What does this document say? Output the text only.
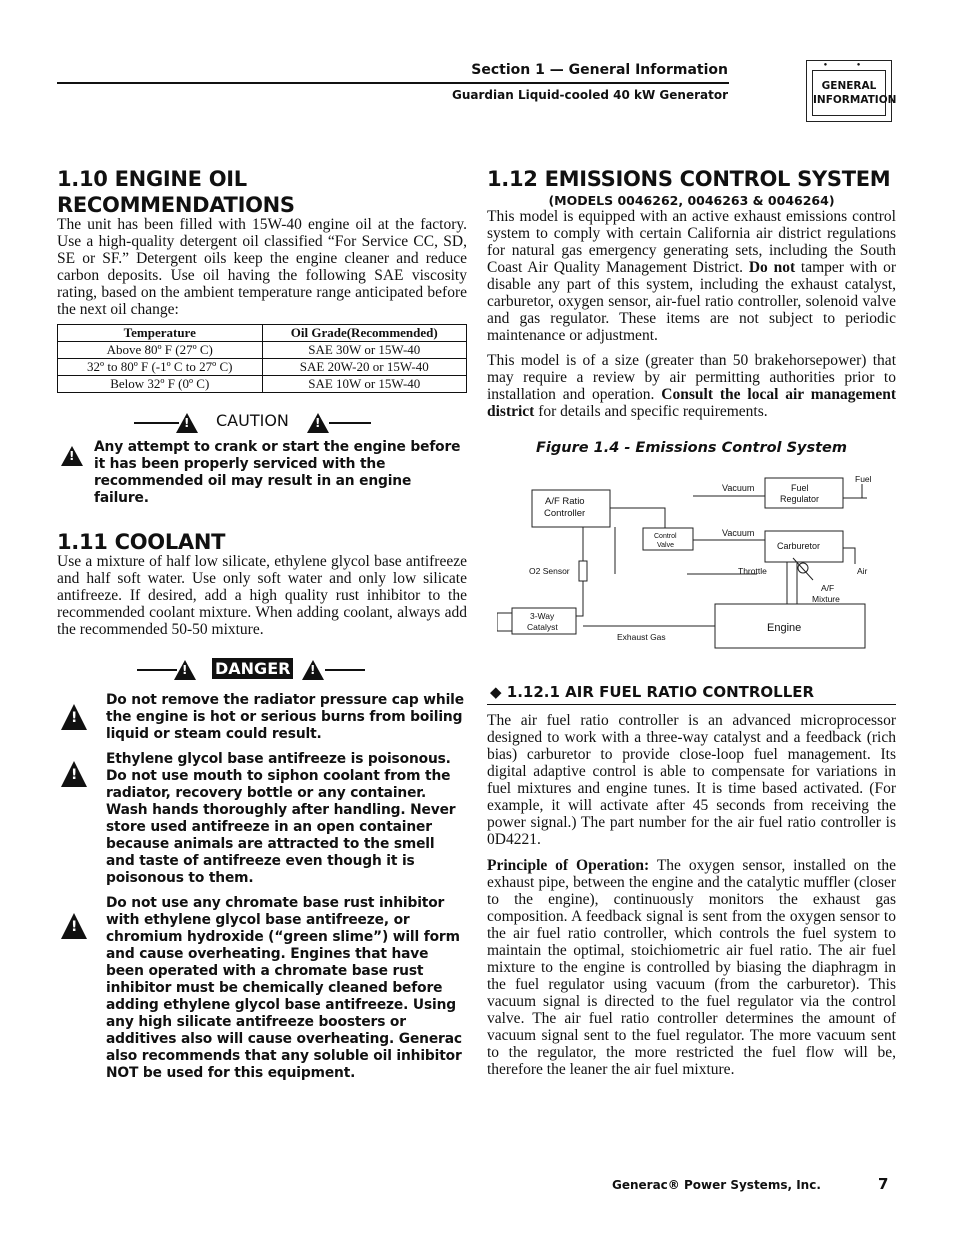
Section 1 — General Information
Guardian Liquid-cooled 40 kW Generator
● ●
GENERAL
INFORMATION
1.10 ENGINE OIL RECOMMENDATIONS

The unit has been filled with 15W-40 engine oil at the factory. Use a high-quality detergent oil classified “For Service CC, SD, SE or SF.” Detergent oils keep the engine cleaner and reduce carbon deposits. Use oil having the following SAE viscosity rating, based on the ambient temperature range anticipated before the next oil change:

Temperature	Oil Grade(Recommended)
Above 80º F (27º C)	SAE 30W or 15W-40
32º to 80º F (-1º C to 27º C)	SAE 20W-20 or 15W-40
Below 32º F (0º C)	SAE 10W or 15W-40
!
CAUTION
!
!

Any attempt to crank or start the engine before it has been properly serviced with the recommended oil may result in an engine failure.

1.11 COOLANT

Use a mixture of half low silicate, ethylene glycol base antifreeze and half soft water. Use only soft water and only low silicate antifreeze. If desired, add a high quality rust inhibitor to the recommended coolant mixture. When adding coolant, always add the recommended 50-50 mixture.

!
DANGER
!
!

Do not remove the radiator pressure cap while the engine is hot or serious burns from boiling liquid or steam could result.

!

Ethylene glycol base antifreeze is poisonous. Do not use mouth to siphon coolant from the radiator, recovery bottle or any container. Wash hands thoroughly after handling. Never store used antifreeze in an open container because animals are attracted to the smell and taste of antifreeze even though it is poisonous to them.

!

Do not use any chromate base rust inhibitor with ethylene glycol base antifreeze, or chromium hydroxide (“green slime”) will form and cause overheating. Engines that have been operated with a chromate base rust inhibitor must be chemically cleaned before adding ethylene glycol base antifreeze. Using any high silicate antifreeze boosters or additives also will cause overheating. Generac also recommends that any soluble oil inhibitor NOT be used for this equipment.

1.12 EMISSIONS CONTROL SYSTEM
(MODELS 0046262, 0046263 & 0046264)

This model is equipped with an active exhaust emissions control system to comply with certain California air district regulations for natural gas emergency generating sets, including the South Coast Air Quality Management District. Do not tamper with or disable any part of this system, including the exhaust catalyst, carburetor, oxygen sensor, air-fuel ratio controller, solenoid valve and gas regulator. These items are not subject to periodic maintenance or adjustment.

This model is of a size (greater than 50 brakehorsepower) that may require a review by air permitting authorities prior to installation and operation. Consult the local air management district for details and specific requirements.

Figure 1.4 - Emissions Control System
A/F Ratio
Controller
Fuel
Regulator
Fuel
Vacuum
Vacuum
Control
Valve	Carburetor
O2 Sensor	Throttle	Air
A/F
Mixture
Engine
3-Way
Catalyst
Exhaust Gas
◆ 1.12.1 AIR FUEL RATIO CONTROLLER

The air fuel ratio controller is an advanced microprocessor designed to work with a three-way catalyst and a feedback (rich bias) carburetor to provide close-loop fuel management. Its digital adaptive control is able to compensate for variations in fuel mixtures and engine tunes. It is time based activated. (For example, it will activate after 45 seconds from receiving the power signal.) The part number for the air fuel ratio controller is 0D4221.

Principle of Operation: The oxygen sensor, installed on the exhaust pipe, between the engine and the catalytic muffler (closer to the engine), continuously monitors the exhaust gas composition. A feedback signal is sent from the oxygen sensor to the air fuel ratio controller, which controls the fuel system to maintain the optimal, stoichiometric air fuel ratio. The air fuel mixture to the engine is controlled by biasing the diaphragm in the fuel regulator using vacuum (from the carburetor). This vacuum signal is directed to the fuel regulator via the control valve. The air fuel ratio controller determines the amount of vacuum signal sent to the fuel regulator. The more vacuum sent to the regulator, the more restricted the fuel flow will be, therefore the leaner the air fuel mixture.

Generac® Power Systems, Inc.	7
